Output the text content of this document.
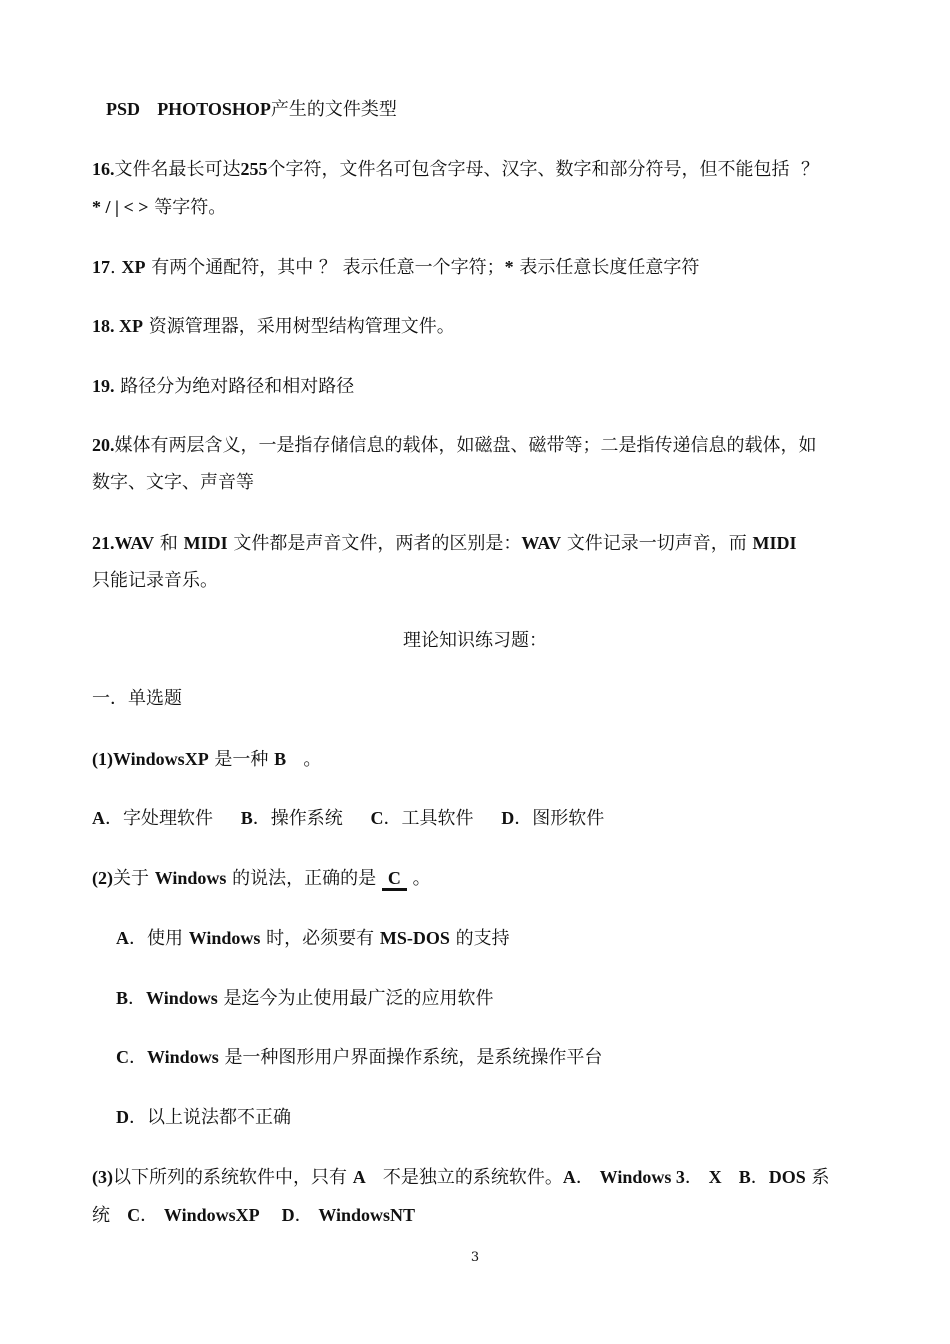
PSD PHOTOSHOP产生的文件类型
16.文件名最长可达255个字符，文件名可包含字母、汉字、数字和部分符号，但不能包括 ？
* / | < > 等字符。
17. XP 有两个通配符，其中 ？ 表示任意一个字符；* 表示任意长度任意字符
18. XP 资源管理器，采用树型结构管理文件。
19. 路径分为绝对路径和相对路径
20.媒体有两层含义，一是指存储信息的载体，如磁盘、磁带等；二是指传递信息的载体，如
数字、文字、声音等
21.WAV 和 MIDI 文件都是声音文件，两者的区别是：WAV 文件记录一切声音，而 MIDI
只能记录音乐。
理论知识练习题：
一．单选题
(1)WindowsXP 是一种 B 。
A．字处理软件 B．操作系统 C．工具软件 D．图形软件
(2)关于 Windows 的说法，正确的是 C 。
A．使用 Windows 时，必须要有 MS-DOS 的支持
B．Windows 是迄今为止使用最广泛的应用软件
C．Windows 是一种图形用户界面操作系统，是系统操作平台
D．以上说法都不正确
(3)以下所列的系统软件中，只有 A 不是独立的系统软件。A． Windows 3． X B．DOS 系
统 C． WindowsXP D． WindowsNT
3
